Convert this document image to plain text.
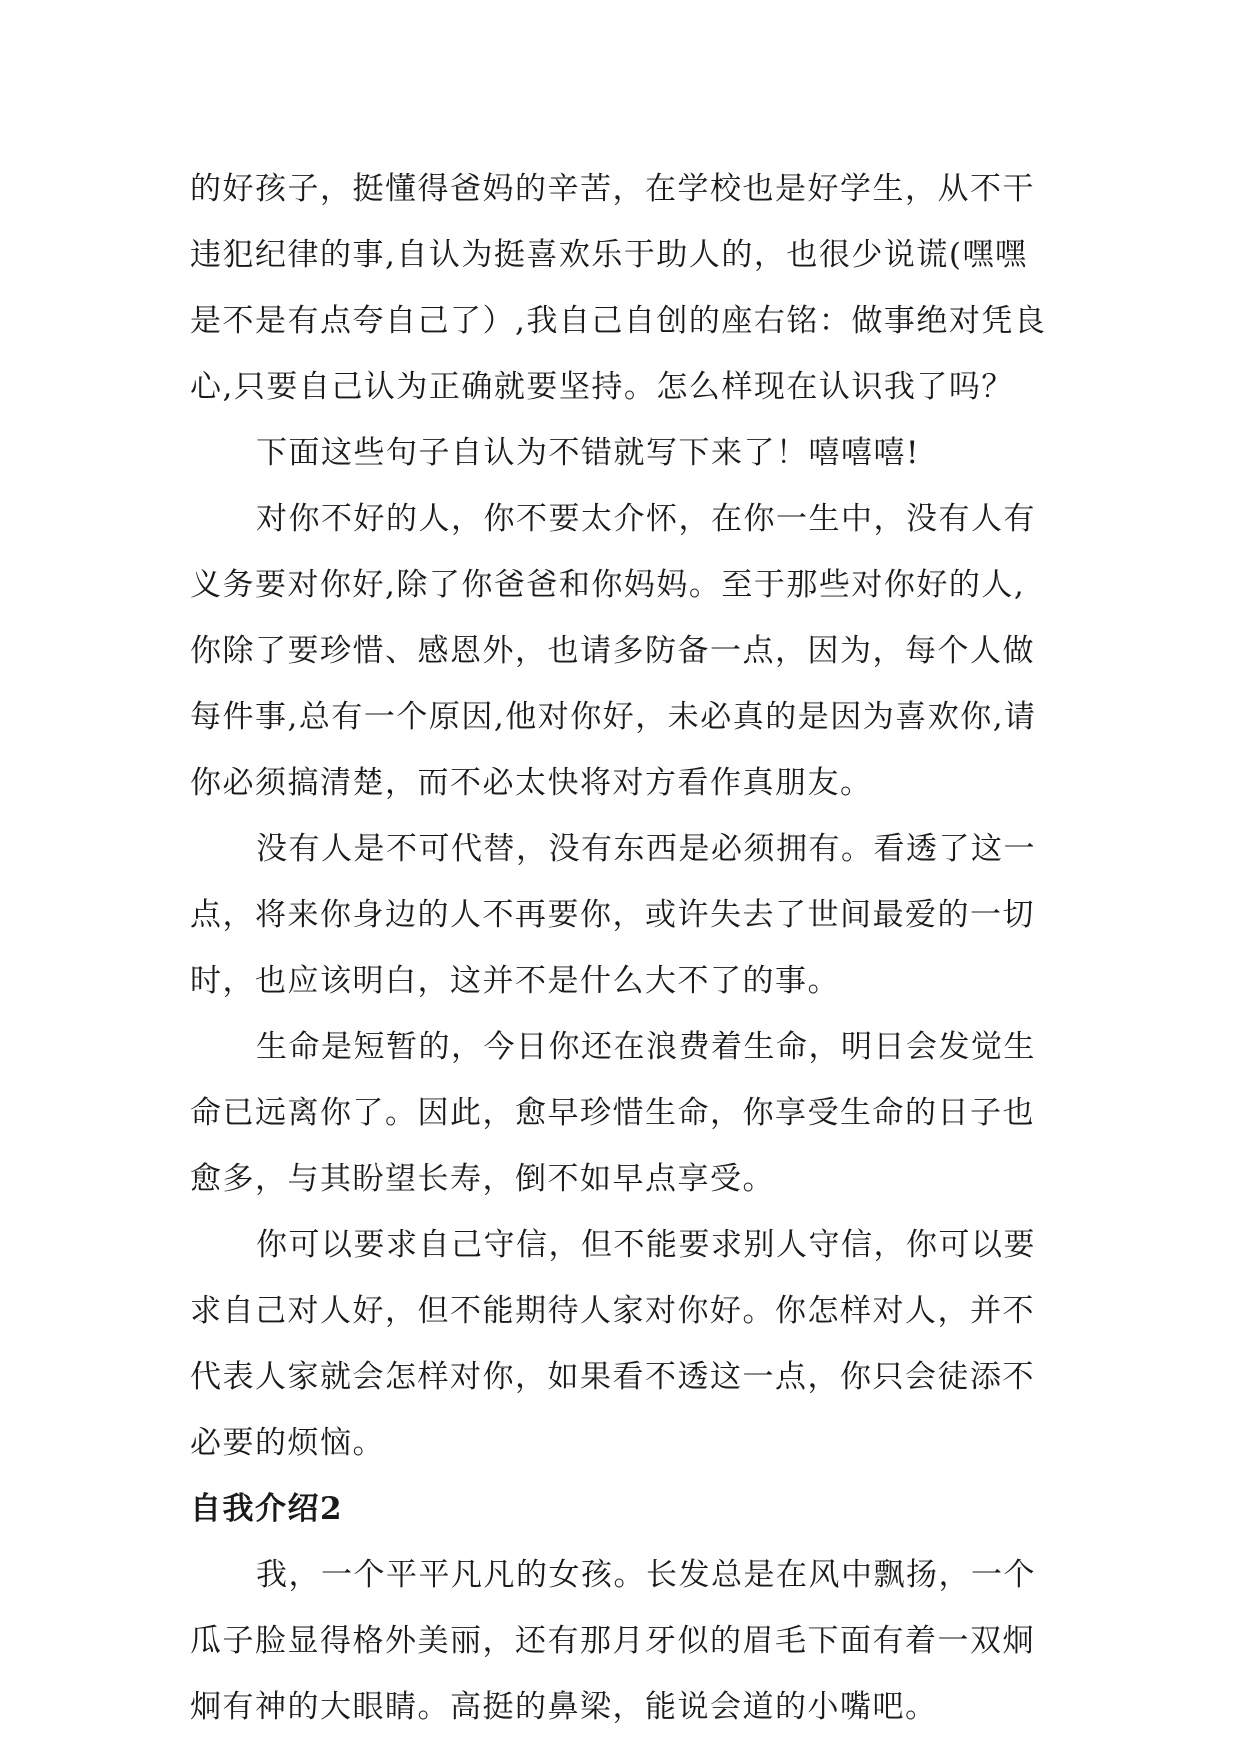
的好孩子，挺懂得爸妈的辛苦，在学校也是好学生，从不干违犯纪律的事,自认为挺喜欢乐于助人的，也很少说谎(嘿嘿是不是有点夸自己了）,我自己自创的座右铭：做事绝对凭良心,只要自己认为正确就要坚持。怎么样现在认识我了吗？

下面这些句子自认为不错就写下来了！嘻嘻嘻!

对你不好的人，你不要太介怀，在你一生中，没有人有义务要对你好,除了你爸爸和你妈妈。至于那些对你好的人,你除了要珍惜、感恩外，也请多防备一点，因为，每个人做每件事,总有一个原因,他对你好，未必真的是因为喜欢你,请你必须搞清楚，而不必太快将对方看作真朋友。

没有人是不可代替，没有东西是必须拥有。看透了这一点，将来你身边的人不再要你，或许失去了世间最爱的一切时，也应该明白，这并不是什么大不了的事。

生命是短暂的，今日你还在浪费着生命，明日会发觉生命已远离你了。因此，愈早珍惜生命，你享受生命的日子也愈多，与其盼望长寿，倒不如早点享受。

你可以要求自己守信，但不能要求别人守信，你可以要求自己对人好，但不能期待人家对你好。你怎样对人，并不代表人家就会怎样对你，如果看不透这一点，你只会徒添不必要的烦恼。

自我介绍2

我，一个平平凡凡的女孩。长发总是在风中飘扬，一个瓜子脸显得格外美丽，还有那月牙似的眉毛下面有着一双炯炯有神的大眼睛。高挺的鼻梁，能说会道的小嘴吧。
